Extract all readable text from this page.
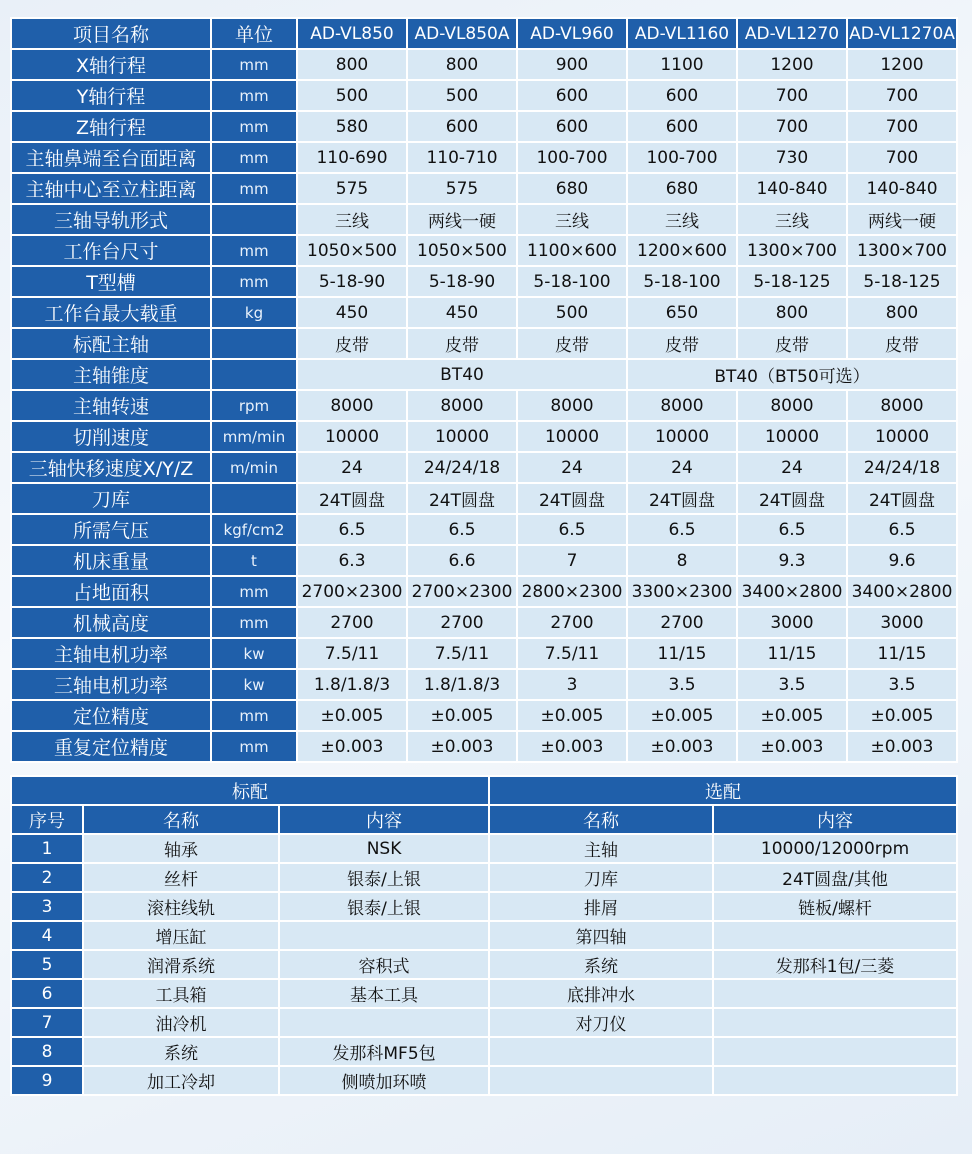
项目名称	单位	AD-VL850	AD-VL850A	AD-VL960	AD-VL1160	AD-VL1270	AD-VL1270A
X轴行程	mm	800	800	900	1100	1200	1200
Y轴行程	mm	500	500	600	600	700	700
Z轴行程	mm	580	600	600	600	700	700
主轴鼻端至台面距离	mm	110-690	110-710	100-700	100-700	730	700
主轴中心至立柱距离	mm	575	575	680	680	140-840	140-840
三轴导轨形式		三线	两线一硬	三线	三线	三线	两线一硬
工作台尺寸	mm	1050×500	1050×500	1100×600	1200×600	1300×700	1300×700
T型槽	mm	5-18-90	5-18-90	5-18-100	5-18-100	5-18-125	5-18-125
工作台最大载重	kg	450	450	500	650	800	800
标配主轴		皮带	皮带	皮带	皮带	皮带	皮带
主轴锥度		BT40			BT40（BT50可选）		
主轴转速	rpm	8000	8000	8000	8000	8000	8000
切削速度	mm/min	10000	10000	10000	10000	10000	10000
三轴快移速度X/Y/Z	m/min	24	24/24/18	24	24	24	24/24/18
刀库		24T圆盘	24T圆盘	24T圆盘	24T圆盘	24T圆盘	24T圆盘
所需气压	kgf/cm2	6.5	6.5	6.5	6.5	6.5	6.5
机床重量	t	6.3	6.6	7	8	9.3	9.6
占地面积	mm	2700×2300	2700×2300	2800×2300	3300×2300	3400×2800	3400×2800
机械高度	mm	2700	2700	2700	2700	3000	3000
主轴电机功率	kw	7.5/11	7.5/11	7.5/11	11/15	11/15	11/15
三轴电机功率	kw	1.8/1.8/3	1.8/1.8/3	3	3.5	3.5	3.5
定位精度	mm	±0.005	±0.005	±0.005	±0.005	±0.005	±0.005
重复定位精度	mm	±0.003	±0.003	±0.003	±0.003	±0.003	±0.003
标配			选配	
序号	名称	内容	名称	内容
1	轴承	NSK	主轴	10000/12000rpm
2	丝杆	银泰/上银	刀库	24T圆盘/其他
3	滚柱线轨	银泰/上银	排屑	链板/螺杆
4	增压缸		第四轴	
5	润滑系统	容积式	系统	发那科1包/三菱
6	工具箱	基本工具	底排冲水	
7	油冷机		对刀仪	
8	系统	发那科MF5包		
9	加工冷却	侧喷加环喷		
